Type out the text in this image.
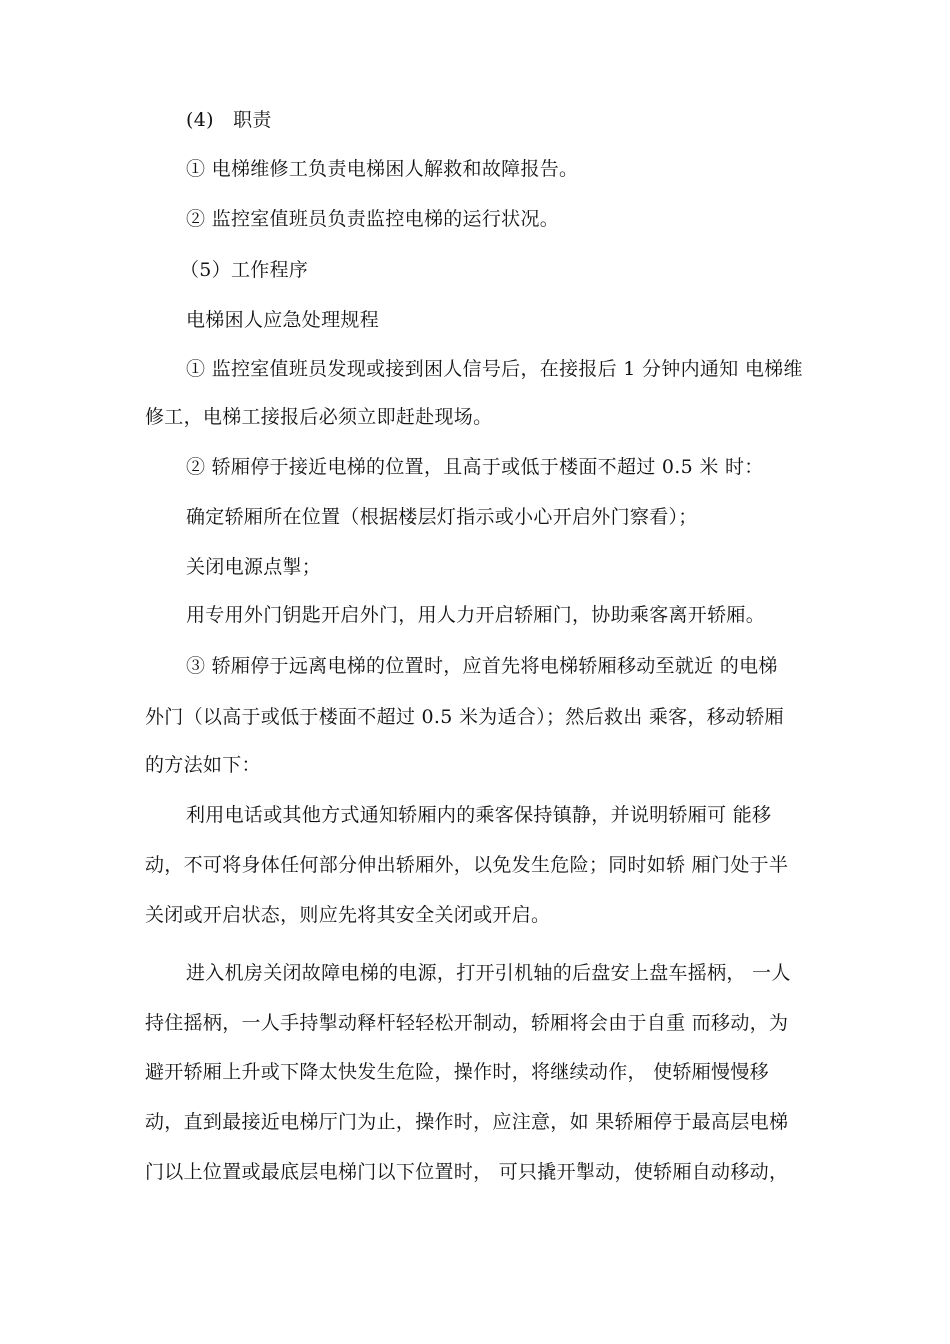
(4)　职责
① 电梯维修工负责电梯困人解救和故障报告。
② 监控室值班员负责监控电梯的运行状况。
（5）工作程序
电梯困人应急处理规程
① 监控室值班员发现或接到困人信号后，在接报后 1 分钟内通知 电梯维
修工，电梯工接报后必须立即赶赴现场。
② 轿厢停于接近电梯的位置，且高于或低于楼面不超过 0.5 米 时：
确定轿厢所在位置（根据楼层灯指示或小心开启外门察看）；
关闭电源点掣；
用专用外门钥匙开启外门，用人力开启轿厢门，协助乘客离开轿厢。
③ 轿厢停于远离电梯的位置时，应首先将电梯轿厢移动至就近 的电梯
外门（以高于或低于楼面不超过 0.5 米为适合）；然后救出 乘客，移动轿厢
的方法如下：
利用电话或其他方式通知轿厢内的乘客保持镇静，并说明轿厢可 能移
动，不可将身体任何部分伸出轿厢外，以免发生危险；同时如轿 厢门处于半
关闭或开启状态，则应先将其安全关闭或开启。
进入机房关闭故障电梯的电源，打开引机轴的后盘安上盘车摇柄， 一人
持住摇柄，一人手持掣动释杆轻轻松开制动，轿厢将会由于自重 而移动，为
避开轿厢上升或下降太快发生危险，操作时，将继续动作， 使轿厢慢慢移
动，直到最接近电梯厅门为止，操作时，应注意，如 果轿厢停于最高层电梯
门以上位置或最底层电梯门以下位置时， 可只撬开掣动，使轿厢自动移动，
